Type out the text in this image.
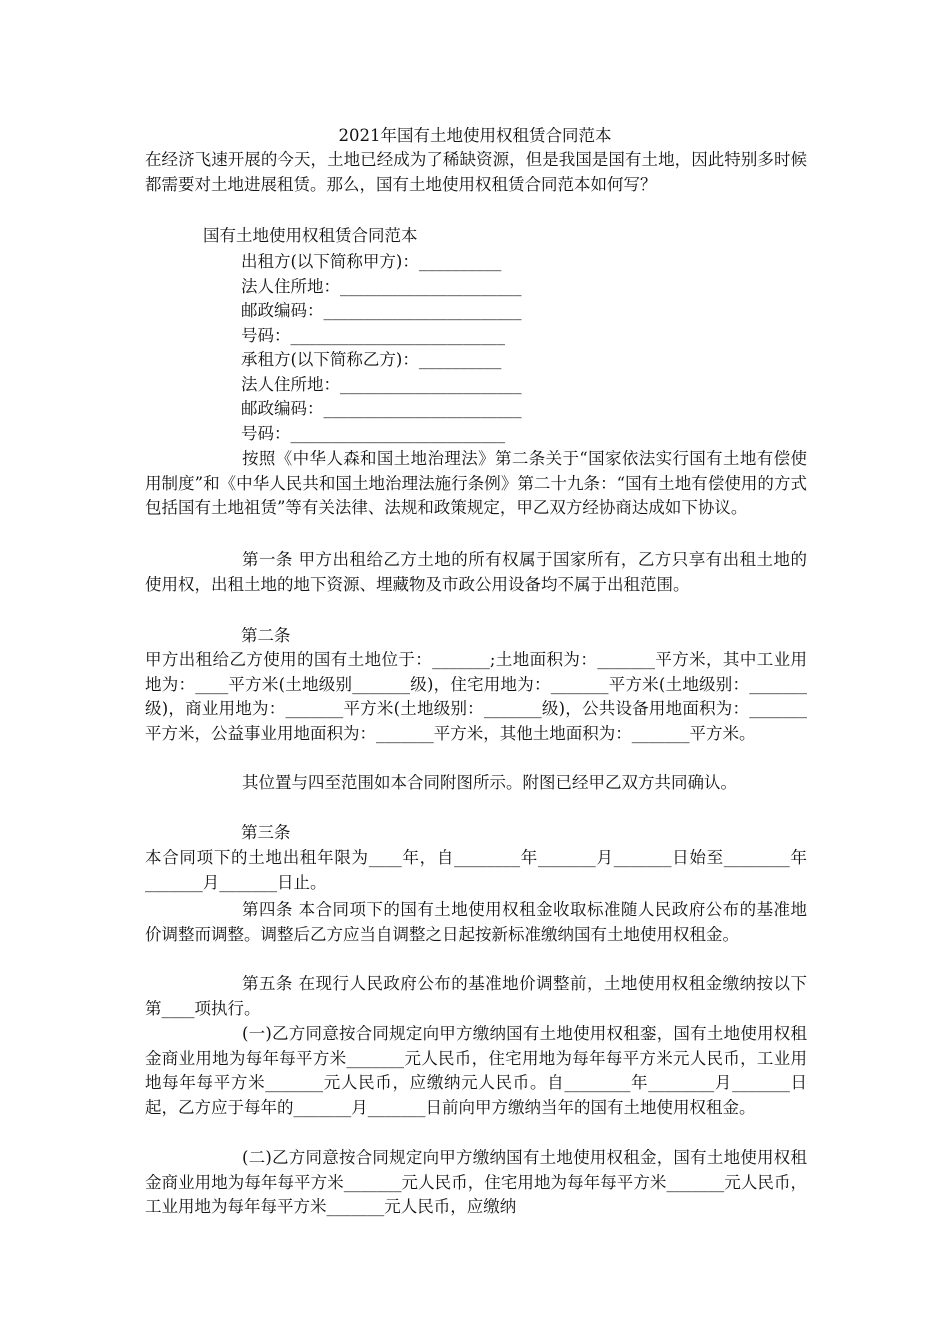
2021年国有土地使用权租赁合同范本

在经济飞速开展的今天，土地已经成为了稀缺资源，但是我国是国有土地，因此特别多时候都需要对土地进展租赁。那么，国有土地使用权租赁合同范本如何写？

国有土地使用权租赁合同范本
出租方(以下简称甲方)：__________
法人住所地：______________________
邮政编码：________________________
号码：__________________________
承租方(以下简称乙方)：__________
法人住所地：______________________
邮政编码：________________________
号码：__________________________

按照《中华人森和国土地治理法》第二条关于“国家依法实行国有土地有偿使用制度”和《中华人民共和国土地治理法施行条例》第二十九条：“国有土地有偿使用的方式包括国有土地祖赁”等有关法律、法规和政策规定，甲乙双方经协商达成如下协议。

第一条 甲方出租给乙方土地的所有权属于国家所有，乙方只享有出租土地的使用权，出租土地的地下资源、埋藏物及市政公用设备均不属于出租范围。

第二条

甲方出租给乙方使用的国有土地位于：_______;土地面积为：_______平方米，其中工业用地为：____平方米(土地级别_______级)，住宅用地为：_______平方米(土地级别：_______级)，商业用地为：_______平方米(土地级别：_______级)，公共设备用地面积为：_______平方米，公益事业用地面积为：_______平方米，其他土地面积为：_______平方米。

其位置与四至范围如本合同附图所示。附图已经甲乙双方共同确认。

第三条

本合同项下的土地出租年限为____年，自________年_______月_______日始至________年_______月_______日止。

第四条 本合同项下的国有土地使用权租金收取标准随人民政府公布的基准地价调整而调整。调整后乙方应当自调整之日起按新标准缴纳国有土地使用权租金。

第五条 在现行人民政府公布的基准地价调整前，土地使用权租金缴纳按以下第____项执行。

(一)乙方同意按合同规定向甲方缴纳国有土地使用权租銮，国有土地使用权租金商业用地为每年每平方米_______元人民币，住宅用地为每年每平方米元人民币，工业用地每年每平方米_______元人民币，应缴纳元人民币。自________年________月_______日起，乙方应于每年的_______月_______日前向甲方缴纳当年的国有土地使用权租金。

(二)乙方同意按合同规定向甲方缴纳国有土地使用权租金，国有土地使用权租金商业用地为每年每平方米_______元人民币，住宅用地为每年每平方米_______元人民币，工业用地为每年每平方米_______元人民币，应缴纳
